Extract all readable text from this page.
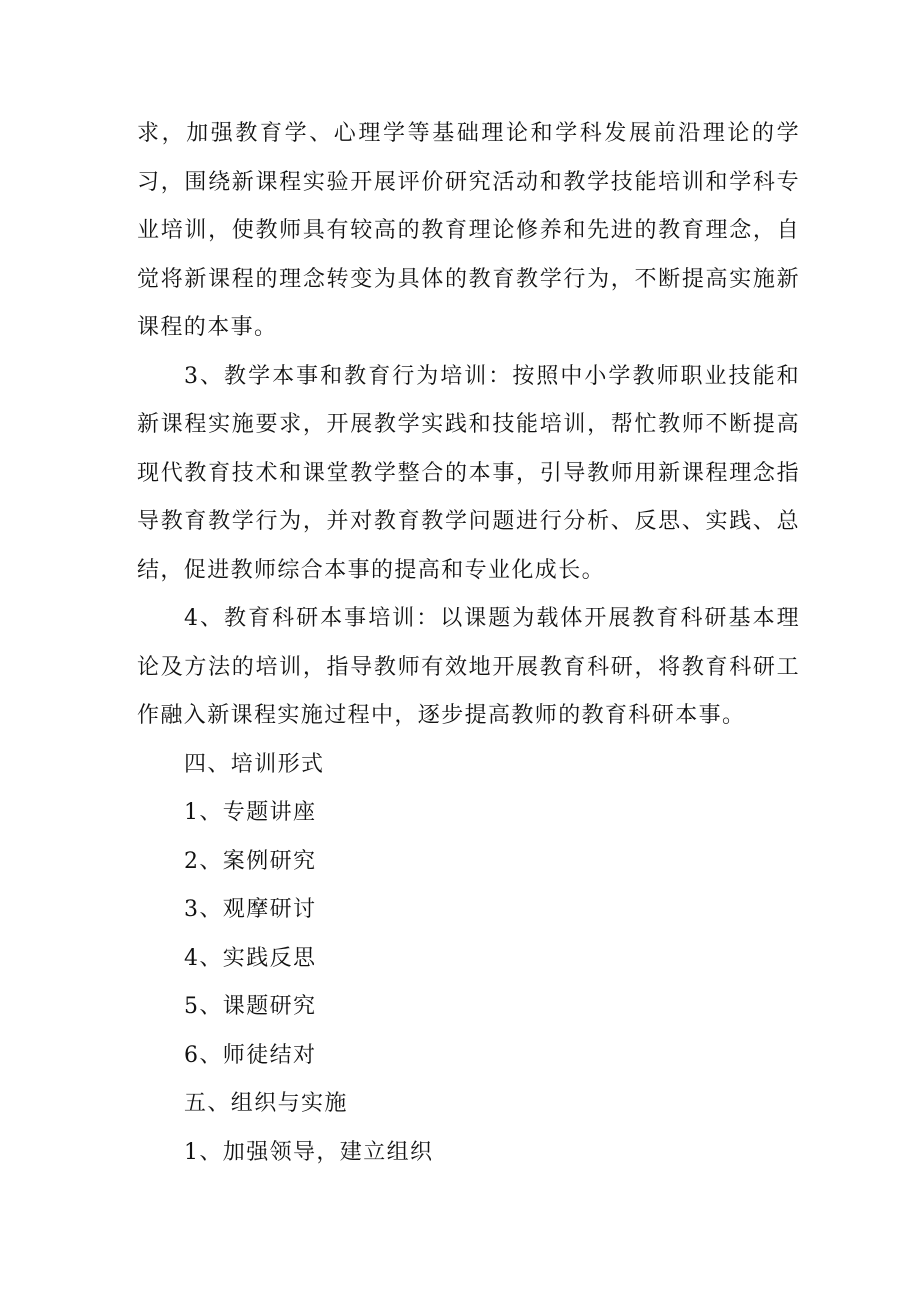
求，加强教育学、心理学等基础理论和学科发展前沿理论的学习，围绕新课程实验开展评价研究活动和教学技能培训和学科专业培训，使教师具有较高的教育理论修养和先进的教育理念，自觉将新课程的理念转变为具体的教育教学行为，不断提高实施新课程的本事。

3、教学本事和教育行为培训：按照中小学教师职业技能和新课程实施要求，开展教学实践和技能培训，帮忙教师不断提高现代教育技术和课堂教学整合的本事，引导教师用新课程理念指导教育教学行为，并对教育教学问题进行分析、反思、实践、总结，促进教师综合本事的提高和专业化成长。

4、教育科研本事培训：以课题为载体开展教育科研基本理论及方法的培训，指导教师有效地开展教育科研，将教育科研工作融入新课程实施过程中，逐步提高教师的教育科研本事。

四、培训形式

1、专题讲座

2、案例研究

3、观摩研讨

4、实践反思

5、课题研究

6、师徒结对

五、组织与实施

1、加强领导，建立组织
